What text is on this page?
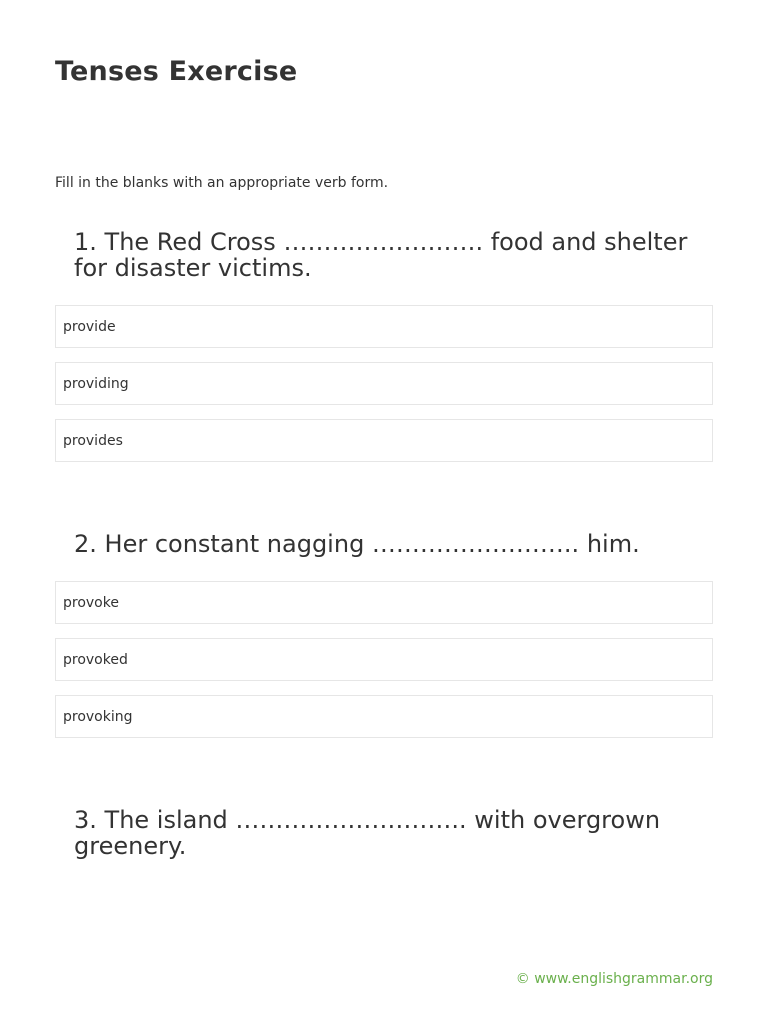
Tenses Exercise

Fill in the blanks with an appropriate verb form.

1. The Red Cross ……………………. food and shelter for disaster victims.
provide
providing
provides
2. Her constant nagging …………………….. him.
provoke
provoked
provoking
3. The island ……………………….. with overgrown greenery.
© www.englishgrammar.org
